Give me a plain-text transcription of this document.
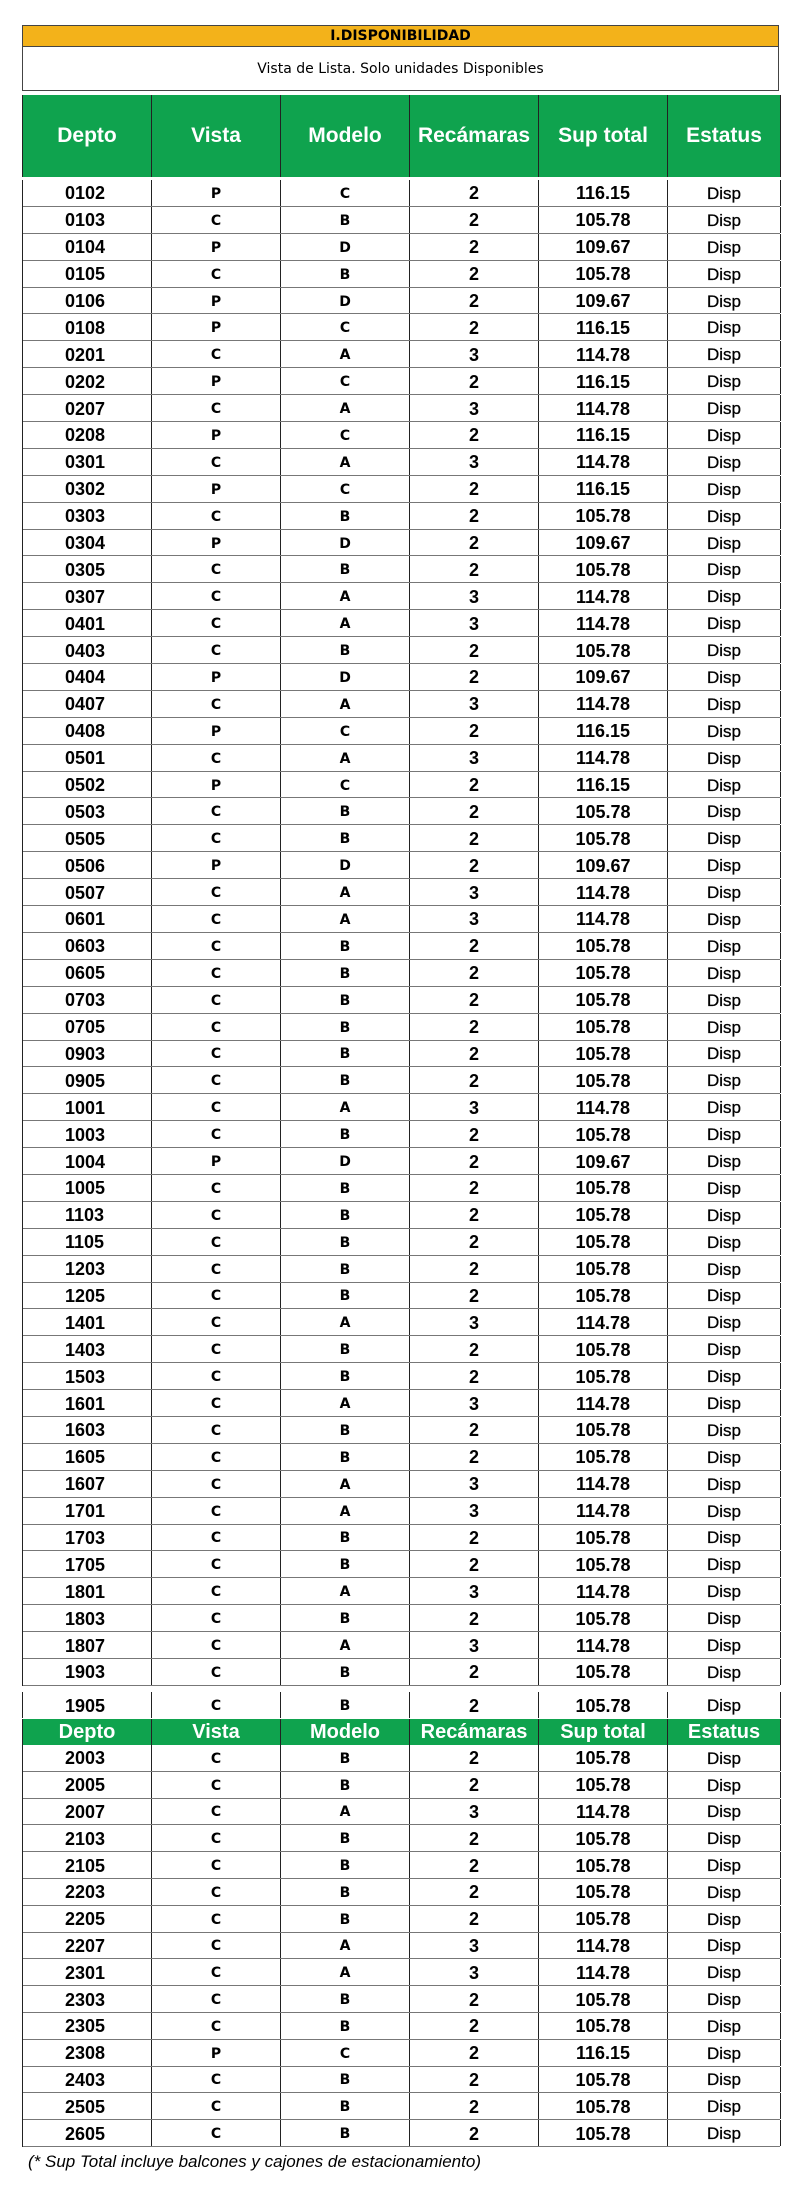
I.DISPONIBILIDAD
Vista de Lista. Solo unidades Disponibles
Depto	Vista	Modelo	Recámaras	Sup total	Estatus
0102	P	C	2	116.15	Disp
0103	C	B	2	105.78	Disp
0104	P	D	2	109.67	Disp
0105	C	B	2	105.78	Disp
0106	P	D	2	109.67	Disp
0108	P	C	2	116.15	Disp
0201	C	A	3	114.78	Disp
0202	P	C	2	116.15	Disp
0207	C	A	3	114.78	Disp
0208	P	C	2	116.15	Disp
0301	C	A	3	114.78	Disp
0302	P	C	2	116.15	Disp
0303	C	B	2	105.78	Disp
0304	P	D	2	109.67	Disp
0305	C	B	2	105.78	Disp
0307	C	A	3	114.78	Disp
0401	C	A	3	114.78	Disp
0403	C	B	2	105.78	Disp
0404	P	D	2	109.67	Disp
0407	C	A	3	114.78	Disp
0408	P	C	2	116.15	Disp
0501	C	A	3	114.78	Disp
0502	P	C	2	116.15	Disp
0503	C	B	2	105.78	Disp
0505	C	B	2	105.78	Disp
0506	P	D	2	109.67	Disp
0507	C	A	3	114.78	Disp
0601	C	A	3	114.78	Disp
0603	C	B	2	105.78	Disp
0605	C	B	2	105.78	Disp
0703	C	B	2	105.78	Disp
0705	C	B	2	105.78	Disp
0903	C	B	2	105.78	Disp
0905	C	B	2	105.78	Disp
1001	C	A	3	114.78	Disp
1003	C	B	2	105.78	Disp
1004	P	D	2	109.67	Disp
1005	C	B	2	105.78	Disp
1103	C	B	2	105.78	Disp
1105	C	B	2	105.78	Disp
1203	C	B	2	105.78	Disp
1205	C	B	2	105.78	Disp
1401	C	A	3	114.78	Disp
1403	C	B	2	105.78	Disp
1503	C	B	2	105.78	Disp
1601	C	A	3	114.78	Disp
1603	C	B	2	105.78	Disp
1605	C	B	2	105.78	Disp
1607	C	A	3	114.78	Disp
1701	C	A	3	114.78	Disp
1703	C	B	2	105.78	Disp
1705	C	B	2	105.78	Disp
1801	C	A	3	114.78	Disp
1803	C	B	2	105.78	Disp
1807	C	A	3	114.78	Disp
1903	C	B	2	105.78	Disp
1905	C	B	2	105.78	Disp
Depto	Vista	Modelo	Recámaras	Sup total	Estatus
2003	C	B	2	105.78	Disp
2005	C	B	2	105.78	Disp
2007	C	A	3	114.78	Disp
2103	C	B	2	105.78	Disp
2105	C	B	2	105.78	Disp
2203	C	B	2	105.78	Disp
2205	C	B	2	105.78	Disp
2207	C	A	3	114.78	Disp
2301	C	A	3	114.78	Disp
2303	C	B	2	105.78	Disp
2305	C	B	2	105.78	Disp
2308	P	C	2	116.15	Disp
2403	C	B	2	105.78	Disp
2505	C	B	2	105.78	Disp
2605	C	B	2	105.78	Disp
(* Sup Total incluye balcones y cajones de estacionamiento)
